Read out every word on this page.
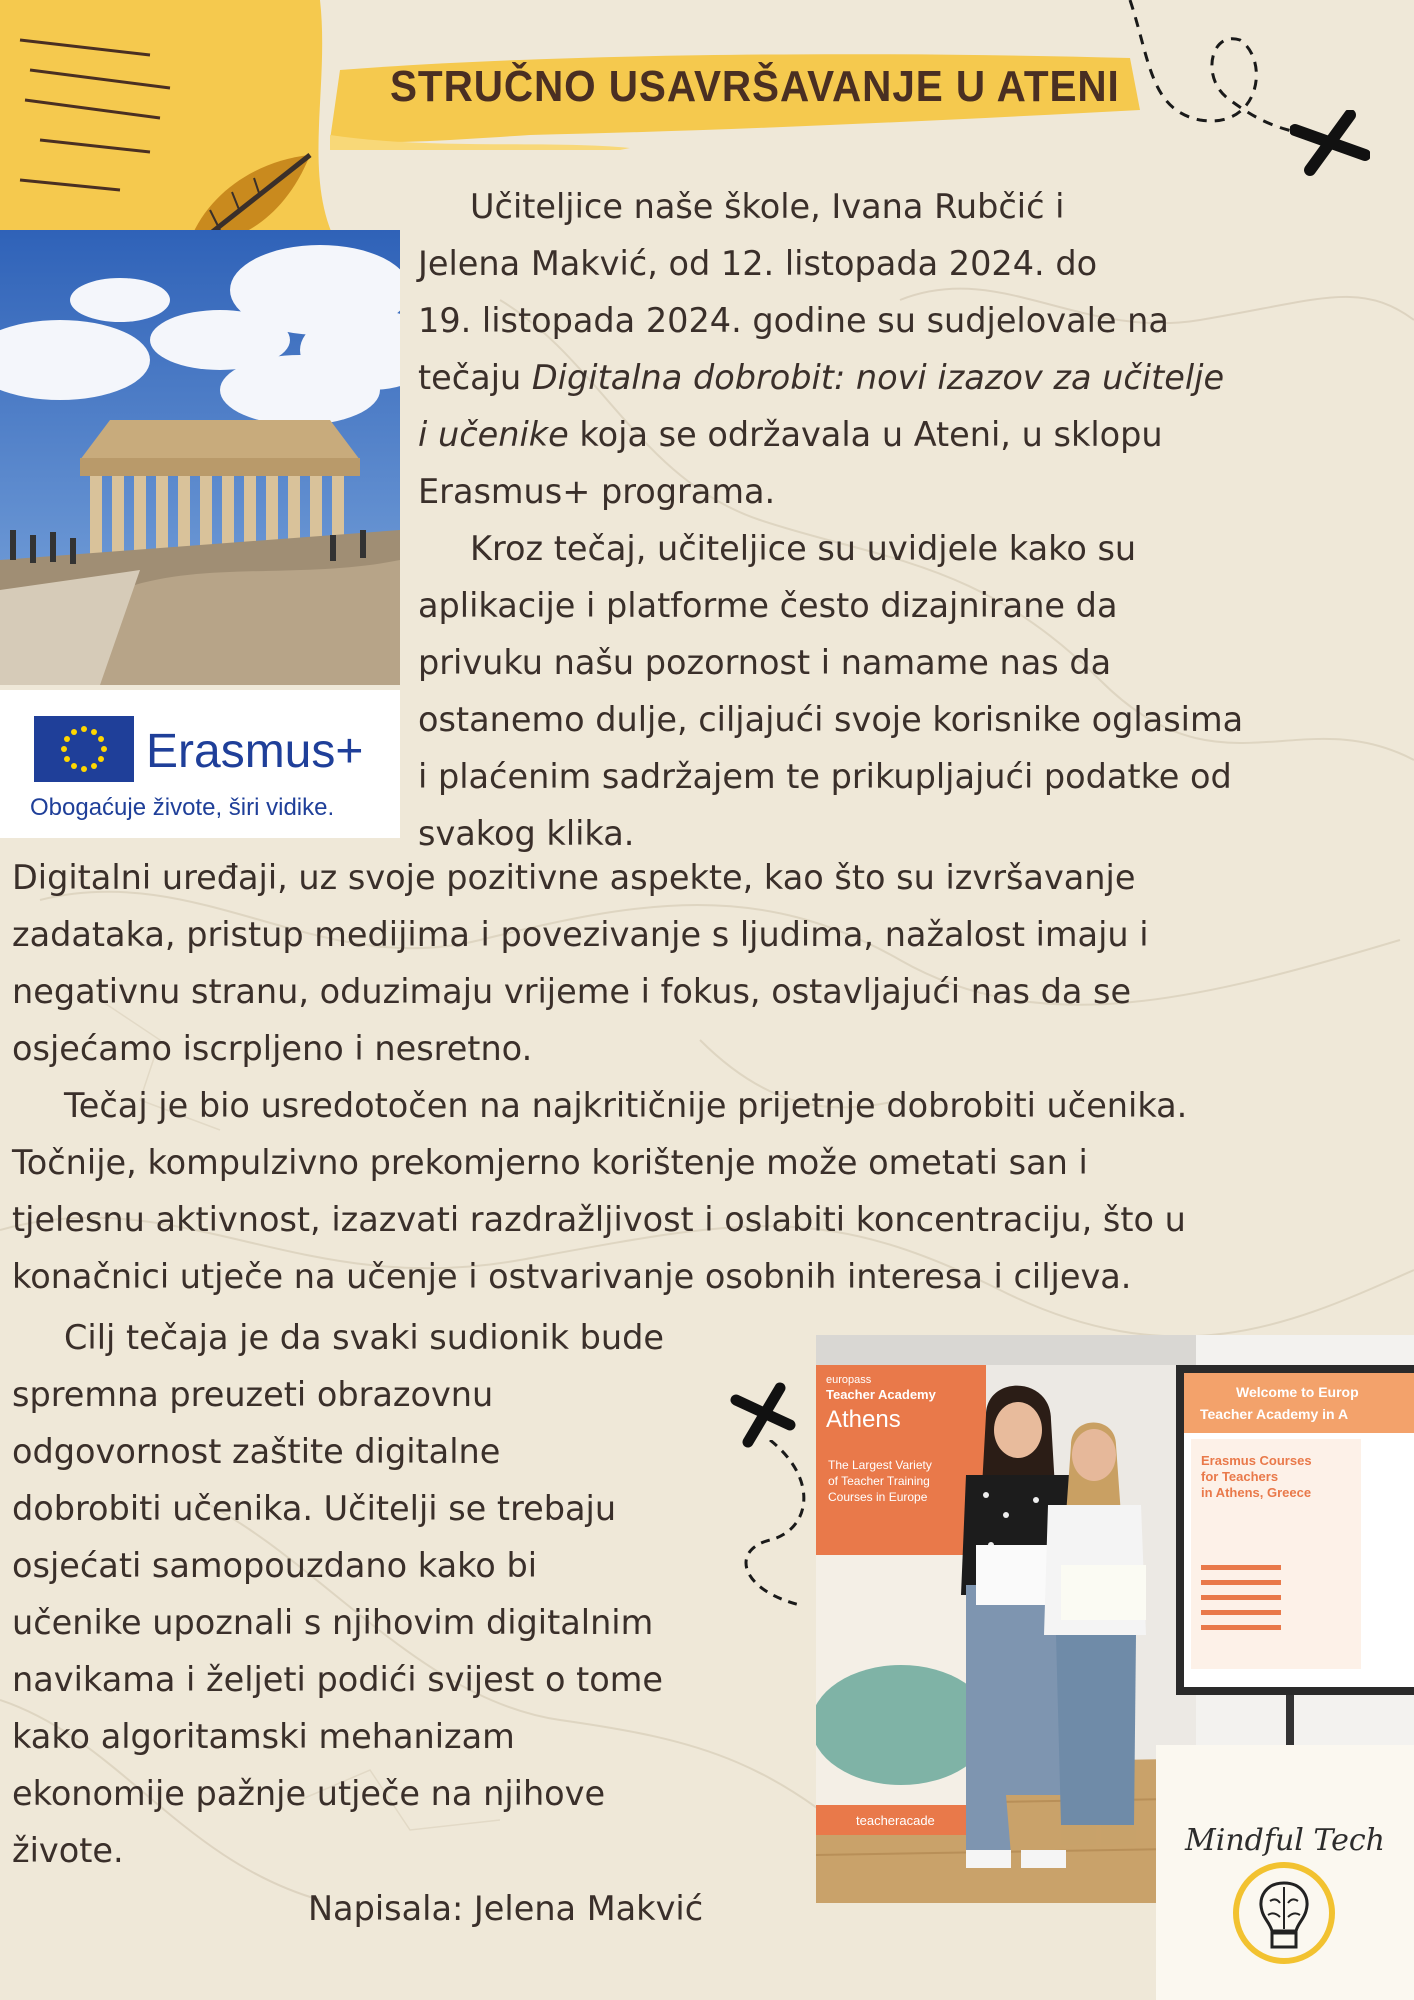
STRUČNO USAVRŠAVANJE U ATENI
Erasmus+
Obogaćuje živote, širi vidike.
Učiteljice naše škole, Ivana Rubčić i
Jelena Makvić, od 12. listopada 2024. do
19. listopada 2024. godine su sudjelovale na
tečaju Digitalna dobrobit: novi izazov za učitelje
i učenike koja se održavala u Ateni, u sklopu
Erasmus+ programa.
Kroz tečaj, učiteljice su uvidjele kako su
aplikacije i platforme često dizajnirane da
privuku našu pozornost i namame nas da
ostanemo dulje, ciljajući svoje korisnike oglasima
i plaćenim sadržajem te prikupljajući podatke od
svakog klika.
Digitalni uređaji, uz svoje pozitivne aspekte, kao što su izvršavanje
zadataka, pristup medijima i povezivanje s ljudima, nažalost imaju i
negativnu stranu, oduzimaju vrijeme i fokus, ostavljajući nas da se
osjećamo iscrpljeno i nesretno.
Tečaj je bio usredotočen na najkritičnije prijetnje dobrobiti učenika.
Točnije, kompulzivno prekomjerno korištenje može ometati san i
tjelesnu aktivnost, izazvati razdražljivost i oslabiti koncentraciju, što u
konačnici utječe na učenje i ostvarivanje osobnih interesa i ciljeva.
Cilj tečaja je da svaki sudionik bude
spremna preuzeti obrazovnu
odgovornost zaštite digitalne
dobrobiti učenika. Učitelji se trebaju
osjećati samopouzdano kako bi
učenike upoznali s njihovim digitalnim
navikama i željeti podići svijest o tome
kako algoritamski mehanizam
ekonomije pažnje utječe na njihove
živote.
Napisala: Jelena Makvić
europass
Teacher Academy
Athens
The Largest Variety
of Teacher Training
Courses in Europe
teacheracade
Welcome to Europ
Teacher Academy in A
Erasmus Courses
for Teachers
in Athens, Greece
Mindful Tech
